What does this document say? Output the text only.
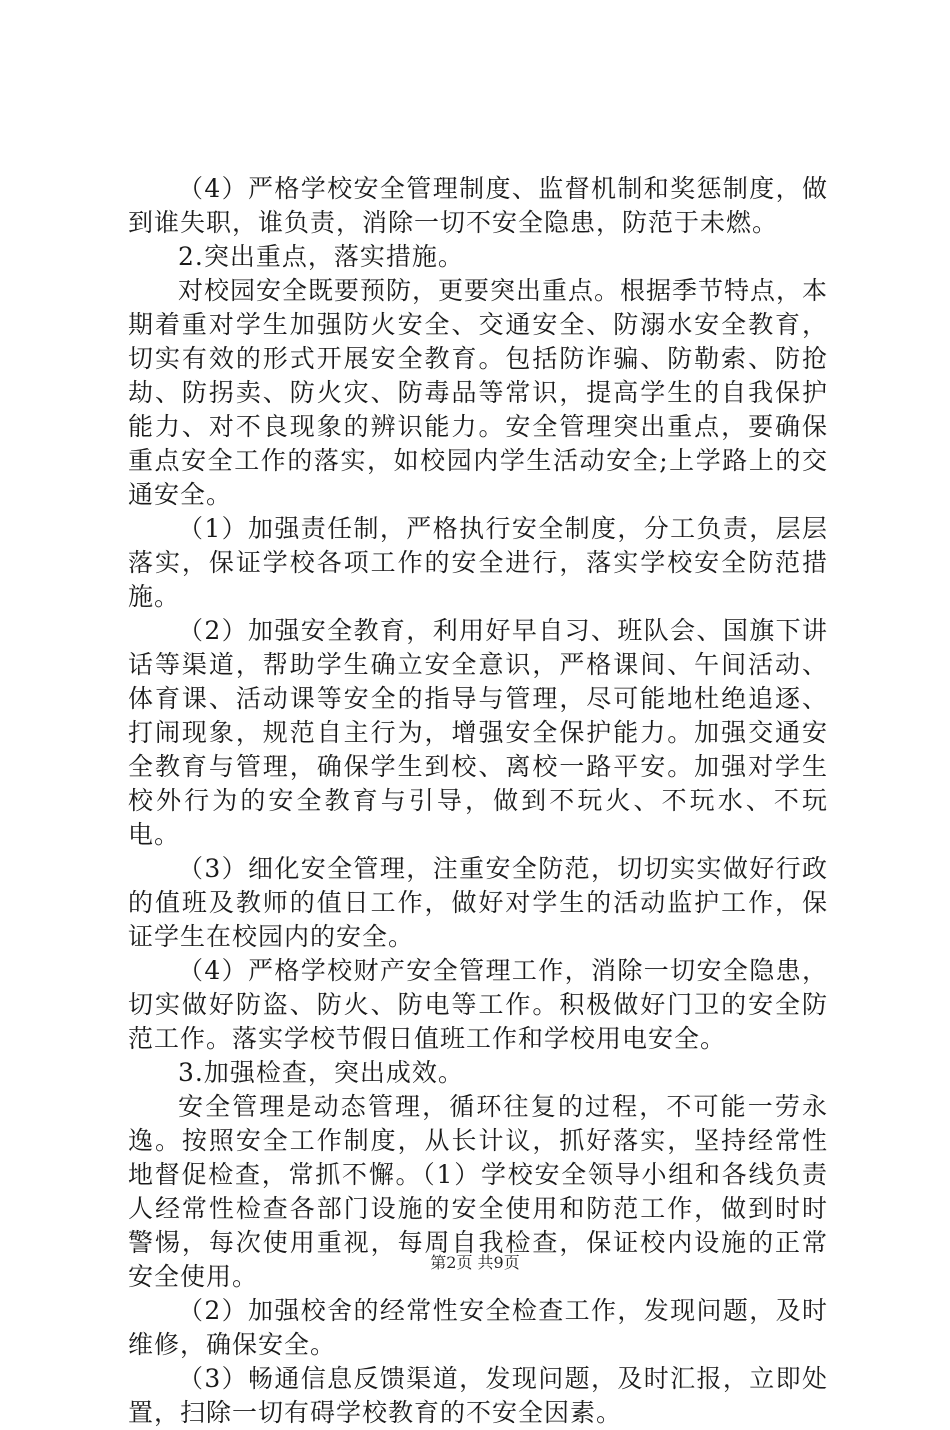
（4）严格学校安全管理制度、监督机制和奖惩制度，做到谁失职，谁负责，消除一切不安全隐患，防范于未燃。

2.突出重点，落实措施。

对校园安全既要预防，更要突出重点。根据季节特点，本期着重对学生加强防火安全、交通安全、防溺水安全教育，切实有效的形式开展安全教育。包括防诈骗、防勒索、防抢劫、防拐卖、防火灾、防毒品等常识，提高学生的自我保护能力、对不良现象的辨识能力。安全管理突出重点，要确保重点安全工作的落实，如校园内学生活动安全;上学路上的交通安全。

（1）加强责任制，严格执行安全制度，分工负责，层层落实，保证学校各项工作的安全进行，落实学校安全防范措施。

（2）加强安全教育，利用好早自习、班队会、国旗下讲话等渠道，帮助学生确立安全意识，严格课间、午间活动、体育课、活动课等安全的指导与管理，尽可能地杜绝追逐、打闹现象，规范自主行为，增强安全保护能力。加强交通安全教育与管理，确保学生到校、离校一路平安。加强对学生校外行为的安全教育与引导，做到不玩火、不玩水、不玩电。

（3）细化安全管理，注重安全防范，切切实实做好行政的值班及教师的值日工作，做好对学生的活动监护工作，保证学生在校园内的安全。

（4）严格学校财产安全管理工作，消除一切安全隐患，切实做好防盗、防火、防电等工作。积极做好门卫的安全防范工作。落实学校节假日值班工作和学校用电安全。

3.加强检查，突出成效。

安全管理是动态管理，循环往复的过程，不可能一劳永逸。按照安全工作制度，从长计议，抓好落实，坚持经常性地督促检查，常抓不懈。（1）学校安全领导小组和各线负责人经常性检查各部门设施的安全使用和防范工作，做到时时警惕，每次使用重视，每周自我检查，保证校内设施的正常安全使用。

（2）加强校舍的经常性安全检查工作，发现问题，及时维修，确保安全。

（3）畅通信息反馈渠道，发现问题，及时汇报，立即处置，扫除一切有碍学校教育的不安全因素。

第2页 共9页
